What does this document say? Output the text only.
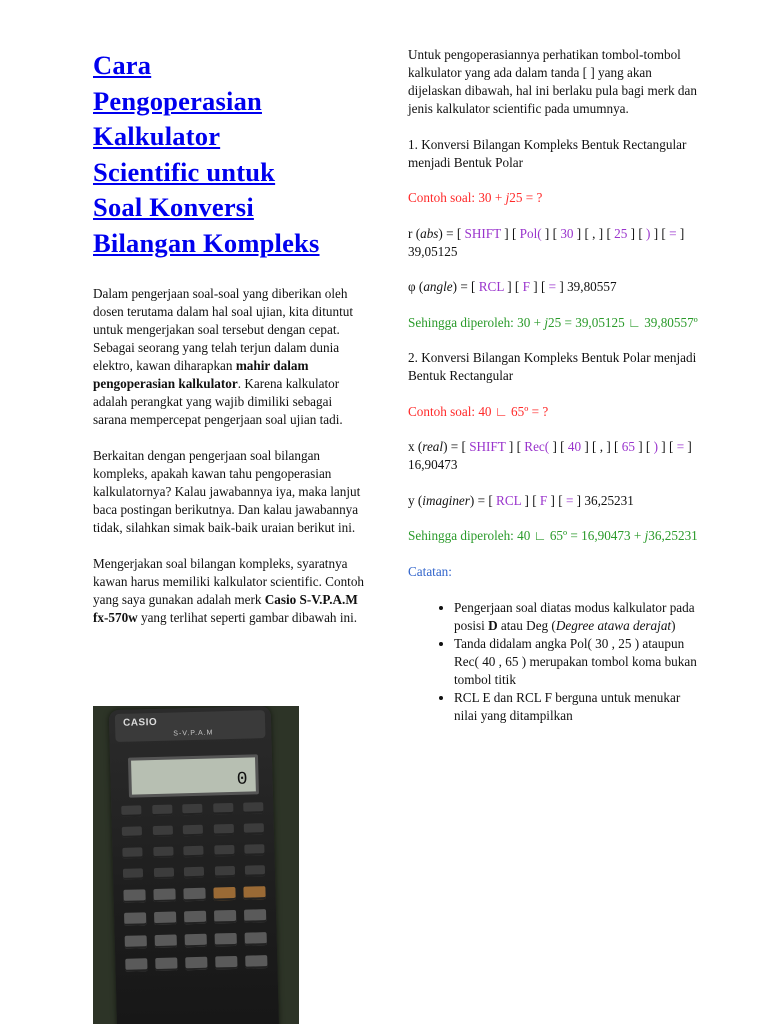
Cara
Pengoperasian
Kalkulator
Scientific untuk
Soal Konversi
Bilangan Kompleks

Dalam pengerjaan soal-soal yang diberikan oleh dosen terutama dalam hal soal ujian, kita dituntut untuk mengerjakan soal tersebut dengan cepat. Sebagai seorang yang telah terjun dalam dunia elektro, kawan diharapkan mahir dalam pengoperasian kalkulator. Karena kalkulator adalah perangkat yang wajib dimiliki sebagai sarana mempercepat pengerjaan soal ujian tadi.

Berkaitan dengan pengerjaan soal bilangan kompleks, apakah kawan tahu pengoperasian kalkulatornya? Kalau jawabannya iya, maka lanjut baca postingan berikutnya. Dan kalau jawabannya tidak, silahkan simak baik-baik uraian berikut ini.

Mengerjakan soal bilangan kompleks, syaratnya kawan harus memiliki kalkulator scientific. Contoh yang saya gunakan adalah merk Casio S-V.P.A.M fx-570w yang terlihat seperti gambar dibawah ini.

CASIO
S-V.P.A.M
0

Untuk pengoperasiannya perhatikan tombol-tombol kalkulator yang ada dalam tanda [ ] yang akan dijelaskan dibawah, hal ini berlaku pula bagi merk dan jenis kalkulator scientific pada umumnya.

1. Konversi Bilangan Kompleks Bentuk Rectangular menjadi Bentuk Polar

Contoh soal: 30 + j25 = ?

r (abs) = [ SHIFT ] [ Pol( ] [ 30 ] [ , ] [ 25 ] [ ) ] [ = ] 39,05125

φ (angle) = [ RCL ] [ F ] [ = ] 39,80557

Sehingga diperoleh: 30 + j25 = 39,05125 ∟ 39,80557º

2. Konversi Bilangan Kompleks Bentuk Polar menjadi Bentuk Rectangular

Contoh soal: 40 ∟ 65º = ?

x (real) = [ SHIFT ] [ Rec( ] [ 40 ] [ , ] [ 65 ] [ ) ] [ = ] 16,90473

y (imaginer) = [ RCL ] [ F ] [ = ] 36,25231

Sehingga diperoleh: 40 ∟ 65º = 16,90473 + j36,25231

Catatan:

• Pengerjaan soal diatas modus kalkulator pada posisi D atau Deg (Degree atawa derajat)
• Tanda didalam angka Pol( 30 , 25 ) ataupun Rec( 40 , 65 ) merupakan tombol koma bukan tombol titik
• RCL E dan RCL F berguna untuk menukar nilai yang ditampilkan
